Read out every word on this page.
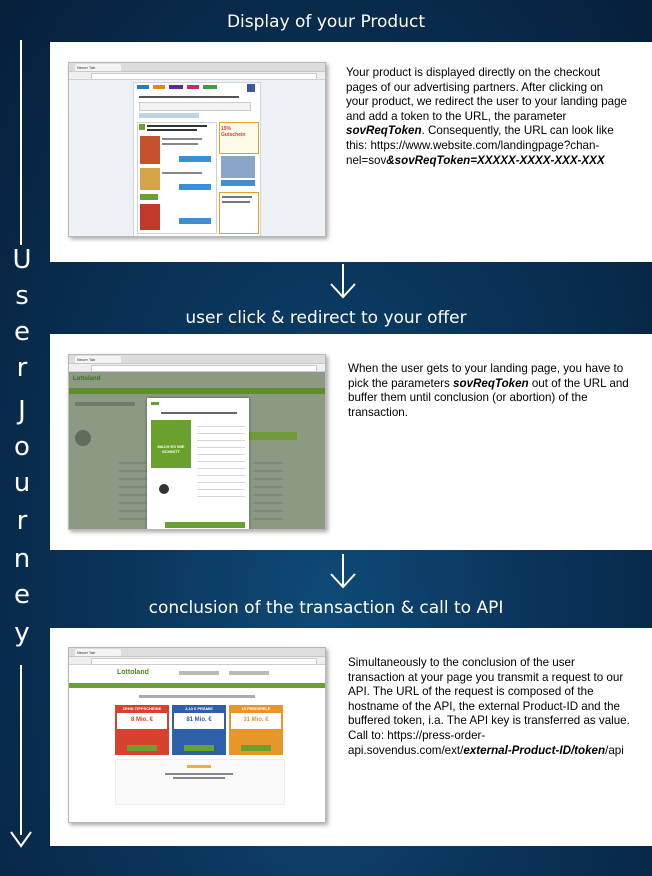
U
s
e
r
J
o
u
r
n
e
y
Display of your Product
Your product is displayed directly on the checkout pages of our advertising partners. After clicking on your product, we redirect the user to your landing page and add a token to the URL, the parameter sovReqToken. Consequently, the URL can look like this: https://www.website.com/landingpage?chan-nel=sov&sovReqToken=XXXXX-XXXX-XXX-XXX
Neuer Tab
15% Gutschein
user click & redirect to your offer
When the user gets to your landing page, you have to pick the parameters sovReqToken out of the URL and buffer them until conclusion (or abortion) of the transaction.
Neuer Tab
Lottoland
MACH ES WIE SCHMITT
conclusion of the transaction & call to API
Simultaneously to the conclusion of the user transaction at your page you transmit a request to our API. The URL of the request is composed of the hostname of the API, the external Product-ID and the buffered token, i.a. The API key is transferred as value. Call to: https://press-order-api.sovendus.com/ext/external-Product-ID/token/api
Neuer Tab
Lottoland
ZEHN TIPPSCHEINE	2,10 € PRÄMIE	10 FREISPIELE
8 Mio. €	81 Mio. €	31 Mio. €
